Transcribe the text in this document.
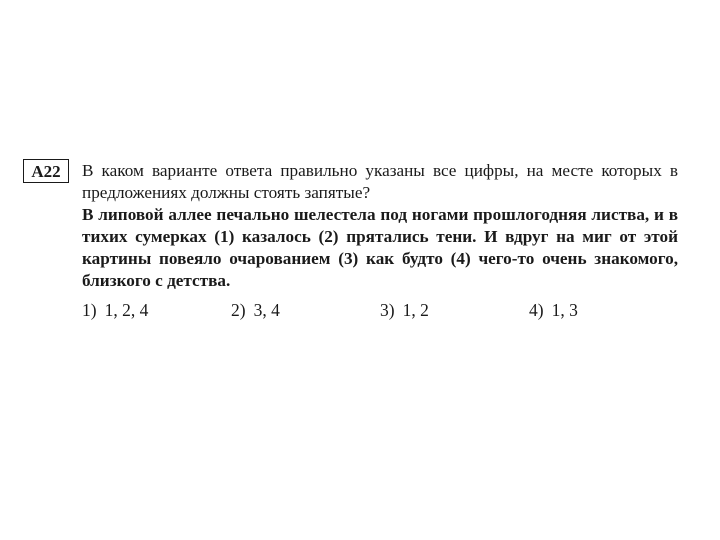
А22 В каком варианте ответа правильно указаны все цифры, на месте которых в предложениях должны стоять запятые?

В липовой аллее печально шелестела под ногами прошлогодняя листва, и в тихих сумерках (1) казалось (2) прятались тени. И вдруг на миг от этой картины повеяло очарованием (3) как будто (4) чего-то очень знакомого, близкого с детства.

1) 1, 2, 4	2) 3, 4	3) 1, 2	4) 1, 3
